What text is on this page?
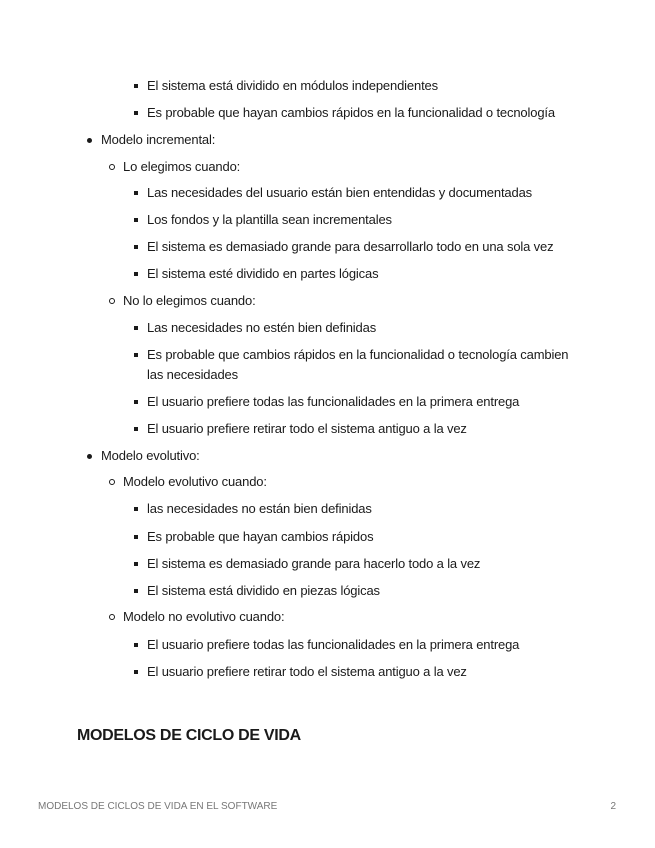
El sistema está dividido en módulos independientes
Es probable que hayan cambios rápidos en la funcionalidad o tecnología
Modelo incremental:
Lo elegimos cuando:
Las necesidades del usuario están bien entendidas y documentadas
Los fondos y la plantilla sean incrementales
El sistema es demasiado grande para desarrollarlo todo en una sola vez
El sistema esté dividido en partes lógicas
No lo elegimos cuando:
Las necesidades no estén bien definidas
Es probable que cambios rápidos en la funcionalidad o tecnología cambien
las necesidades
El usuario prefiere todas las funcionalidades en la primera entrega
El usuario prefiere retirar todo el sistema antiguo a la vez
Modelo evolutivo:
Modelo evolutivo cuando:
las necesidades no están bien definidas
Es probable que hayan cambios rápidos
El sistema es demasiado grande para hacerlo todo a la vez
El sistema está dividido en piezas lógicas
Modelo no evolutivo cuando:
El usuario prefiere todas las funcionalidades en la primera entrega
El usuario prefiere retirar todo el sistema antiguo a la vez
MODELOS DE CICLO DE VIDA
MODELOS DE CICLOS DE VIDA EN EL SOFTWARE	2
